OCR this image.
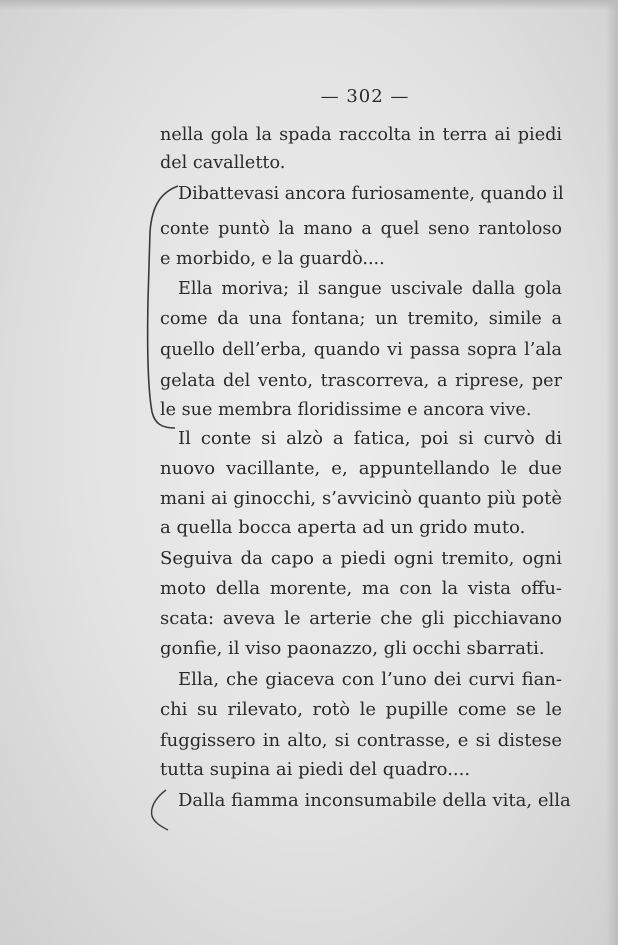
— 302 —
nella gola la spada raccolta in terra ai piedi
del cavalletto.
Dibattevasi ancora furiosamente, quando il
conte puntò la mano a quel seno rantoloso
e morbido, e la guardò....
Ella moriva; il sangue uscivale dalla gola
come da una fontana; un tremito, simile a
quello dell’erba, quando vi passa sopra l’ala
gelata del vento, trascorreva, a riprese, per
le sue membra floridissime e ancora vive.
Il conte si alzò a fatica, poi si curvò di
nuovo vacillante, e, appuntellando le due
mani ai ginocchi, s’avvicinò quanto più potè
a quella bocca aperta ad un grido muto.
Seguiva da capo a piedi ogni tremito, ogni
moto della morente, ma con la vista offu-
scata: aveva le arterie che gli picchiavano
gonfie, il viso paonazzo, gli occhi sbarrati.
Ella, che giaceva con l’uno dei curvi fian-
chi su rilevato, rotò le pupille come se le
fuggissero in alto, si contrasse, e si distese
tutta supina ai piedi del quadro....
Dalla fiamma inconsumabile della vita, ella
